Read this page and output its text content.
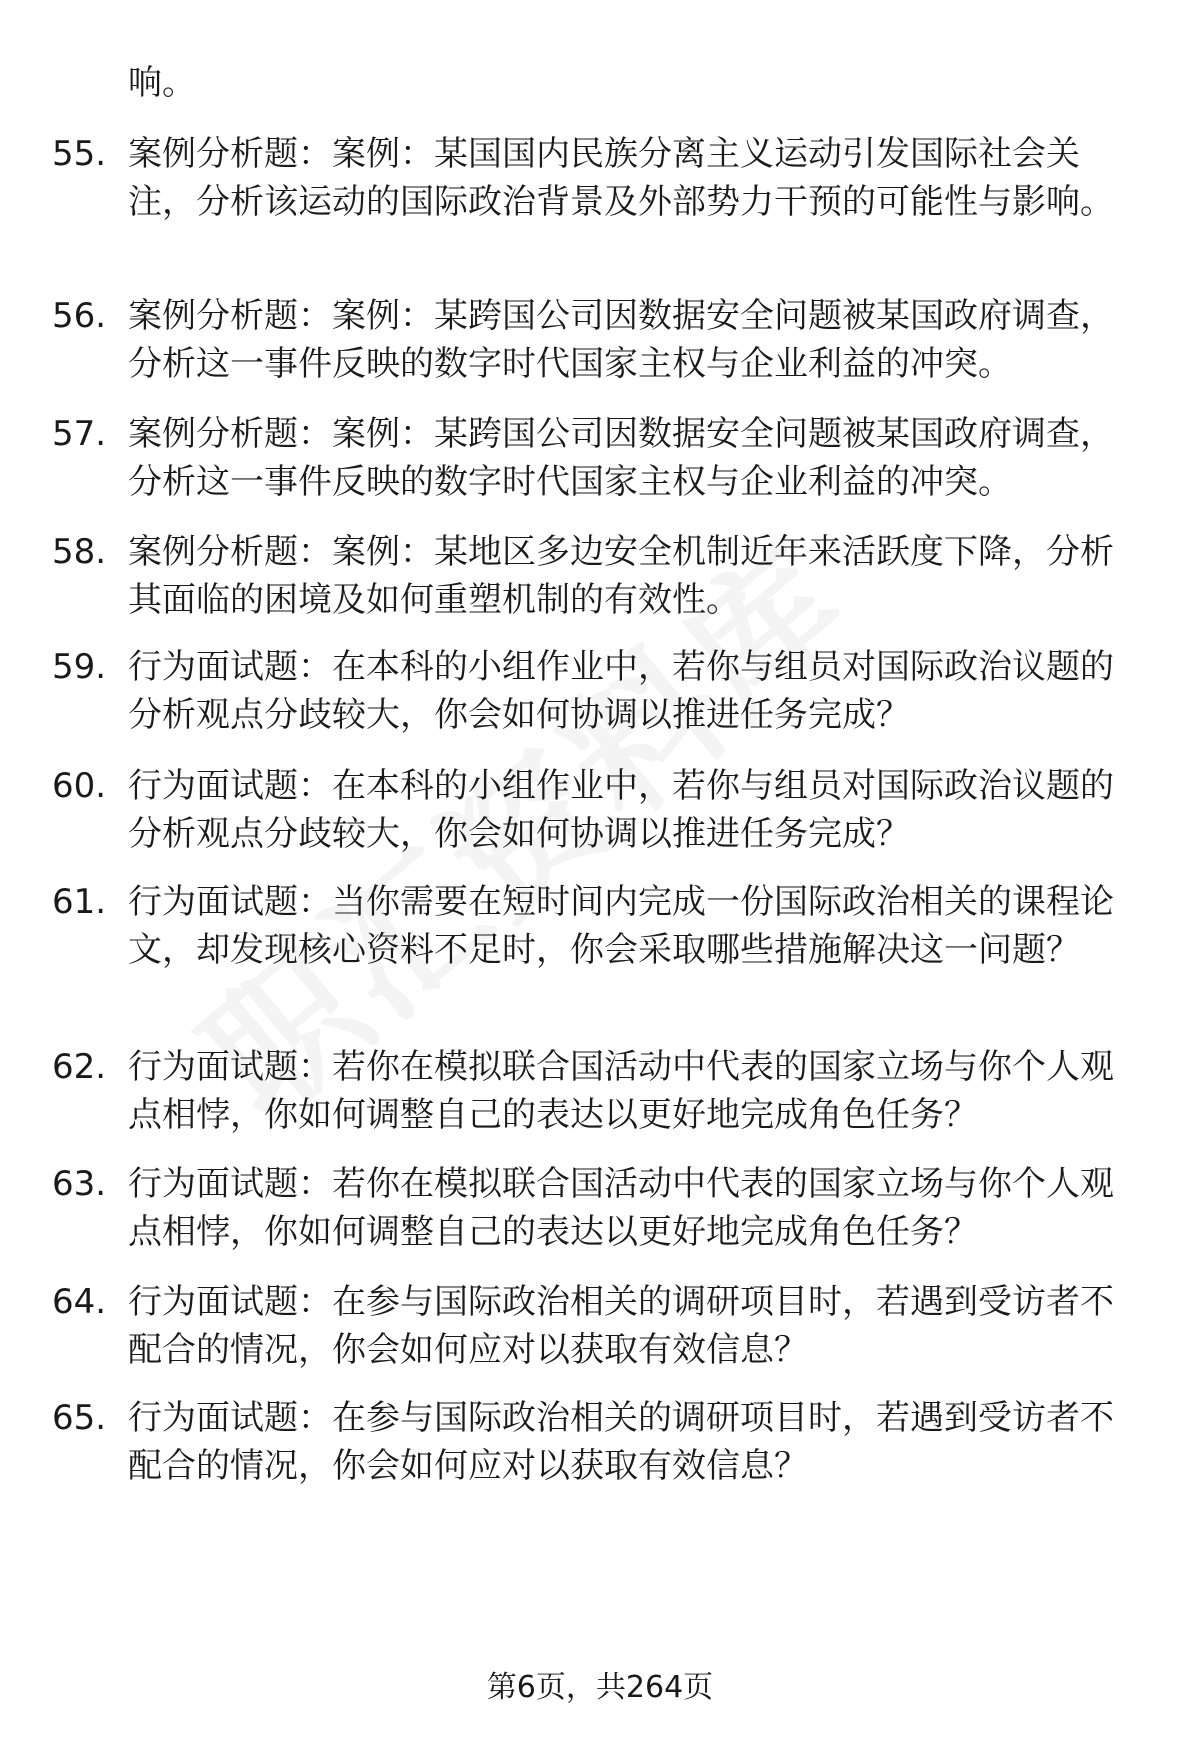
响。
55. 案例分析题：案例：某国国内民族分离主义运动引发国际社会关注，分析该运动的国际政治背景及外部势力干预的可能性与影响。
56. 案例分析题：案例：某跨国公司因数据安全问题被某国政府调查，分析这一事件反映的数字时代国家主权与企业利益的冲突。
57. 案例分析题：案例：某跨国公司因数据安全问题被某国政府调查，分析这一事件反映的数字时代国家主权与企业利益的冲突。
58. 案例分析题：案例：某地区多边安全机制近年来活跃度下降，分析其面临的困境及如何重塑机制的有效性。
59. 行为面试题：在本科的小组作业中，若你与组员对国际政治议题的分析观点分歧较大，你会如何协调以推进任务完成？
60. 行为面试题：在本科的小组作业中，若你与组员对国际政治议题的分析观点分歧较大，你会如何协调以推进任务完成？
61. 行为面试题：当你需要在短时间内完成一份国际政治相关的课程论文，却发现核心资料不足时，你会采取哪些措施解决这一问题？
62. 行为面试题：若你在模拟联合国活动中代表的国家立场与你个人观点相悖，你如何调整自己的表达以更好地完成角色任务？
63. 行为面试题：若你在模拟联合国活动中代表的国家立场与你个人观点相悖，你如何调整自己的表达以更好地完成角色任务？
64. 行为面试题：在参与国际政治相关的调研项目时，若遇到受访者不配合的情况，你会如何应对以获取有效信息？
65. 行为面试题：在参与国际政治相关的调研项目时，若遇到受访者不配合的情况，你会如何应对以获取有效信息？
第6页，共264页
